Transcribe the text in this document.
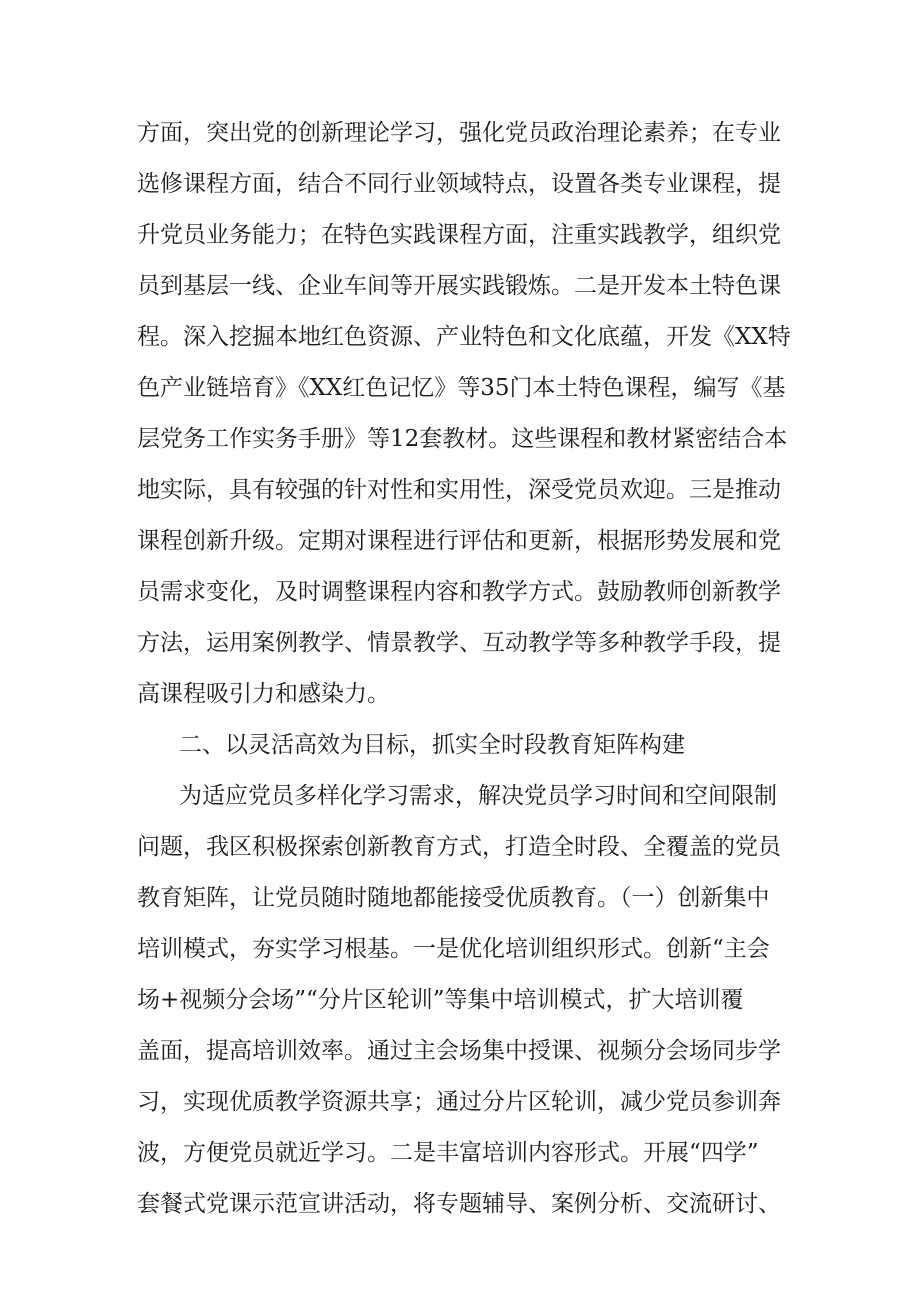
方面，突出党的创新理论学习，强化党员政治理论素养；在专业
选修课程方面，结合不同行业领域特点，设置各类专业课程，提
升党员业务能力；在特色实践课程方面，注重实践教学，组织党
员到基层一线、企业车间等开展实践锻炼。二是开发本土特色课
程。深入挖掘本地红色资源、产业特色和文化底蕴，开发《XX特
色产业链培育》《XX红色记忆》等35门本土特色课程，编写《基
层党务工作实务手册》等12套教材。这些课程和教材紧密结合本
地实际，具有较强的针对性和实用性，深受党员欢迎。三是推动
课程创新升级。定期对课程进行评估和更新，根据形势发展和党
员需求变化，及时调整课程内容和教学方式。鼓励教师创新教学
方法，运用案例教学、情景教学、互动教学等多种教学手段，提
高课程吸引力和感染力。
二、以灵活高效为目标，抓实全时段教育矩阵构建
为适应党员多样化学习需求，解决党员学习时间和空间限制
问题，我区积极探索创新教育方式，打造全时段、全覆盖的党员
教育矩阵，让党员随时随地都能接受优质教育。（一）创新集中
培训模式，夯实学习根基。一是优化培训组织形式。创新“主会
场+视频分会场”“分片区轮训”等集中培训模式，扩大培训覆
盖面，提高培训效率。通过主会场集中授课、视频分会场同步学
习，实现优质教学资源共享；通过分片区轮训，减少党员参训奔
波，方便党员就近学习。二是丰富培训内容形式。开展“四学”
套餐式党课示范宣讲活动，将专题辅导、案例分析、交流研讨、
